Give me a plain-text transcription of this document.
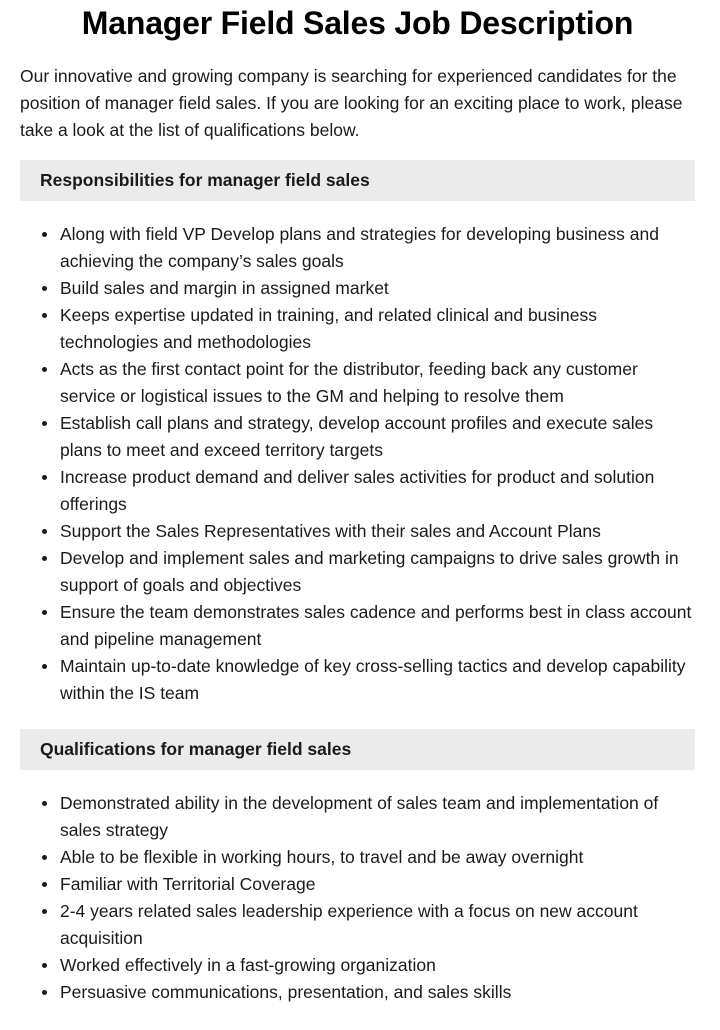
Manager Field Sales Job Description

Our innovative and growing company is searching for experienced candidates for the position of manager field sales. If you are looking for an exciting place to work, please take a look at the list of qualifications below.

Responsibilities for manager field sales
Along with field VP Develop plans and strategies for developing business and achieving the company’s sales goals
Build sales and margin in assigned market
Keeps expertise updated in training, and related clinical and business technologies and methodologies
Acts as the first contact point for the distributor, feeding back any customer service or logistical issues to the GM and helping to resolve them
Establish call plans and strategy, develop account profiles and execute sales plans to meet and exceed territory targets
Increase product demand and deliver sales activities for product and solution offerings
Support the Sales Representatives with their sales and Account Plans
Develop and implement sales and marketing campaigns to drive sales growth in support of goals and objectives
Ensure the team demonstrates sales cadence and performs best in class account and pipeline management
Maintain up-to-date knowledge of key cross-selling tactics and develop capability within the IS team
Qualifications for manager field sales
Demonstrated ability in the development of sales team and implementation of sales strategy
Able to be flexible in working hours, to travel and be away overnight
Familiar with Territorial Coverage
2-4 years related sales leadership experience with a focus on new account acquisition
Worked effectively in a fast-growing organization
Persuasive communications, presentation, and sales skills
